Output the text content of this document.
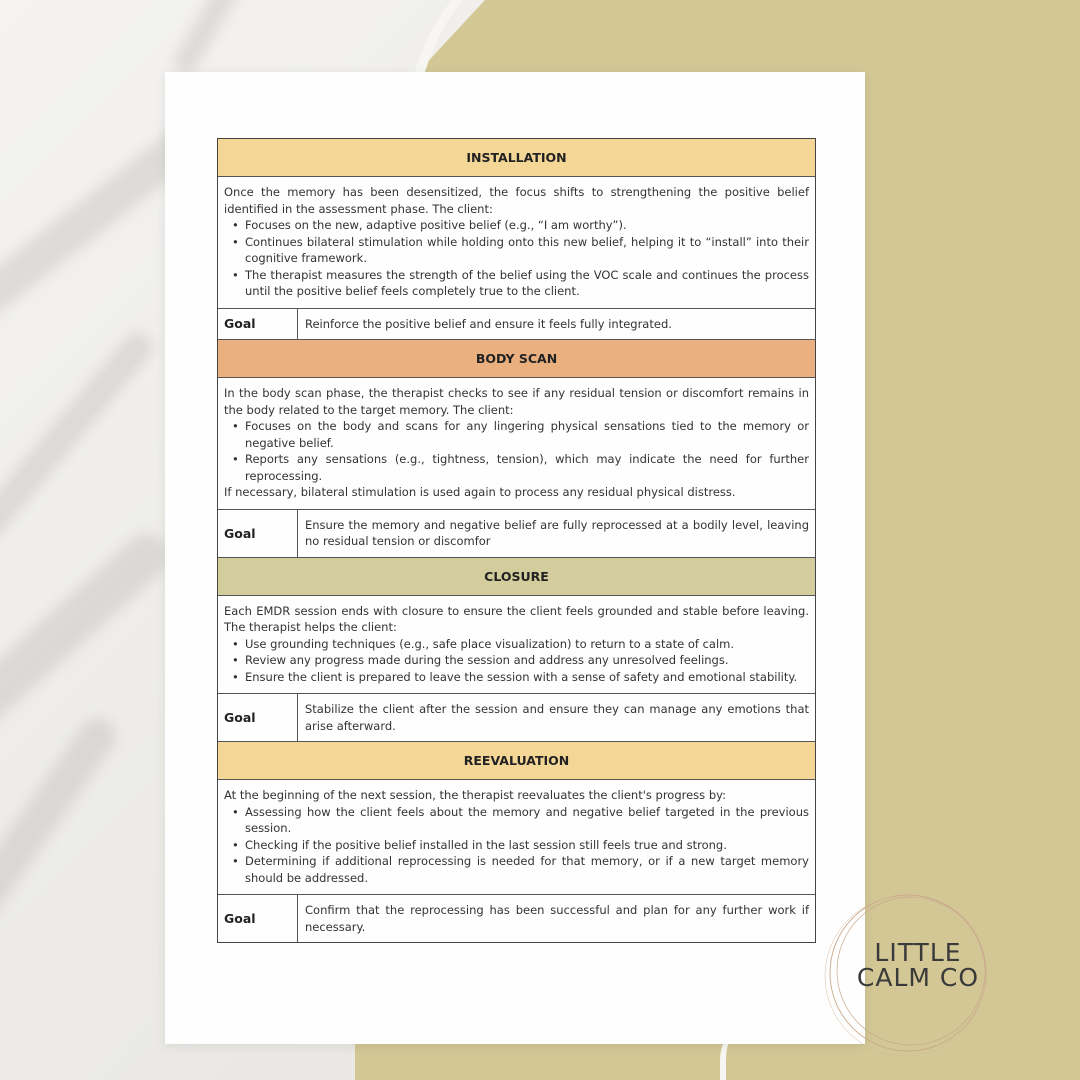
INSTALLATION

Once the memory has been desensitized, the focus shifts to strengthening the positive belief identified in the assessment phase. The client:

• Focuses on the new, adaptive positive belief (e.g., “I am worthy”).
• Continues bilateral stimulation while holding onto this new belief, helping it to “install” into their cognitive framework.
• The therapist measures the strength of the belief using the VOC scale and continues the process until the positive belief feels completely true to the client.
Goal	Reinforce the positive belief and ensure it feels fully integrated.
BODY SCAN

In the body scan phase, the therapist checks to see if any residual tension or discomfort remains in the body related to the target memory. The client:

• Focuses on the body and scans for any lingering physical sensations tied to the memory or negative belief.
• Reports any sensations (e.g., tightness, tension), which may indicate the need for further reprocessing.

If necessary, bilateral stimulation is used again to process any residual physical distress.

Goal
Ensure the memory and negative belief are fully reprocessed at a bodily level, leaving no residual tension or discomfor
CLOSURE

Each EMDR session ends with closure to ensure the client feels grounded and stable before leaving. The therapist helps the client:

• Use grounding techniques (e.g., safe place visualization) to return to a state of calm.
• Review any progress made during the session and address any unresolved feelings.
• Ensure the client is prepared to leave the session with a sense of safety and emotional stability.
Goal
Stabilize the client after the session and ensure they can manage any emotions that arise afterward.
REEVALUATION

At the beginning of the next session, the therapist reevaluates the client's progress by:

• Assessing how the client feels about the memory and negative belief targeted in the previous session.
• Checking if the positive belief installed in the last session still feels true and strong.
• Determining if additional reprocessing is needed for that memory, or if a new target memory should be addressed.
Goal
Confirm that the reprocessing has been successful and plan for any further work if necessary.
LITTLE
CALM CO
